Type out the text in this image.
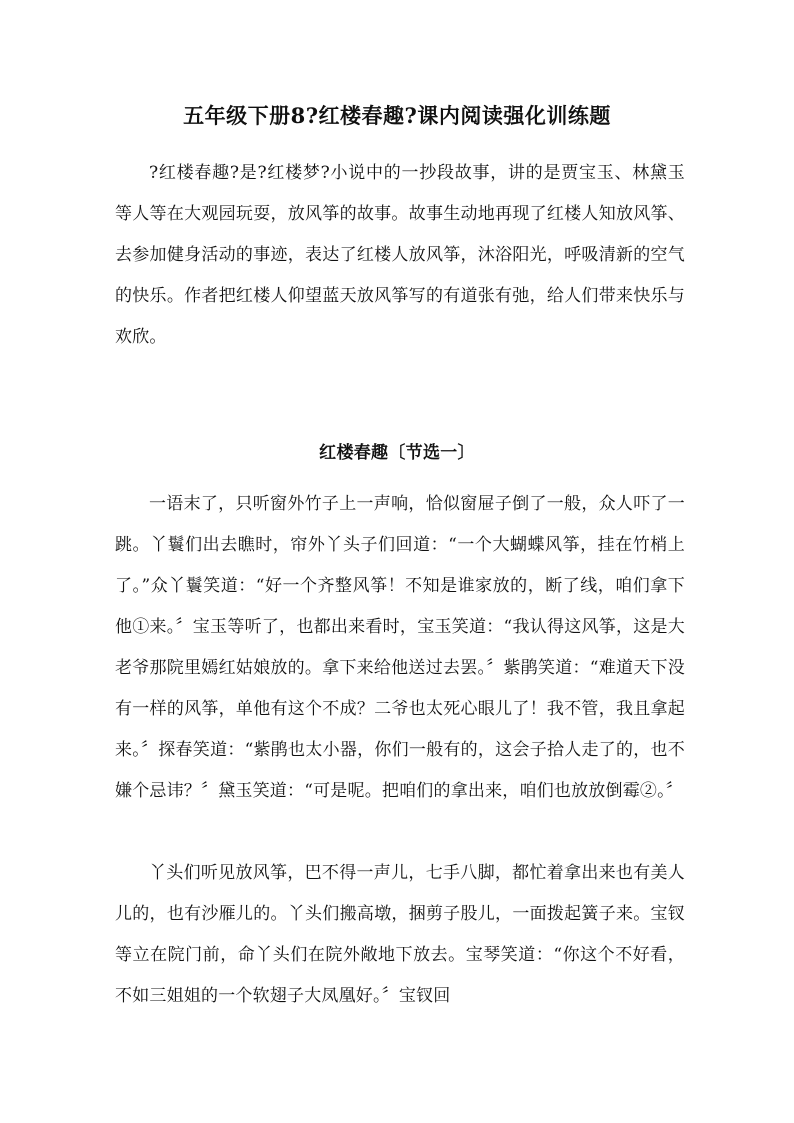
五年级下册8?红楼春趣?课内阅读强化训练题

?红楼春趣?是?红楼梦?小说中的一抄段故事，讲的是贾宝玉、林黛玉等人等在大观园玩耍，放风筝的故事。故事生动地再现了红楼人知放风筝、去参加健身活动的事迹，表达了红楼人放风筝，沐浴阳光，呼吸清新的空气的快乐。作者把红楼人仰望蓝天放风筝写的有道张有弛，给人们带来快乐与欢欣。

红楼春趣〔节选一〕

一语末了，只听窗外竹子上一声响，恰似窗屉子倒了一般，众人吓了一跳。丫鬟们出去瞧时，帘外丫头子们回道：“一个大蝴蝶风筝，挂在竹梢上了。”众丫鬟笑道：“好一个齐整风筝！不知是谁家放的，断了线，咱们拿下他①来。〞宝玉等听了，也都出来看时，宝玉笑道：“我认得这风筝，这是大老爷那院里嫣红姑娘放的。拿下来给他送过去罢。〞紫鹃笑道：“难道天下没有一样的风筝，单他有这个不成？二爷也太死心眼儿了！我不管，我且拿起来。〞探春笑道：“紫鹃也太小器，你们一般有的，这会子拾人走了的，也不嫌个忌讳？〞黛玉笑道：“可是呢。把咱们的拿出来，咱们也放放倒霉②。〞

丫头们听见放风筝，巴不得一声儿，七手八脚，都忙着拿出来也有美人儿的，也有沙雁儿的。丫头们搬高墩，捆剪子股儿，一面拨起簧子来。宝钗等立在院门前，命丫头们在院外敞地下放去。宝琴笑道：“你这个不好看，不如三姐姐的一个软翅子大凤凰好。〞宝钗回
